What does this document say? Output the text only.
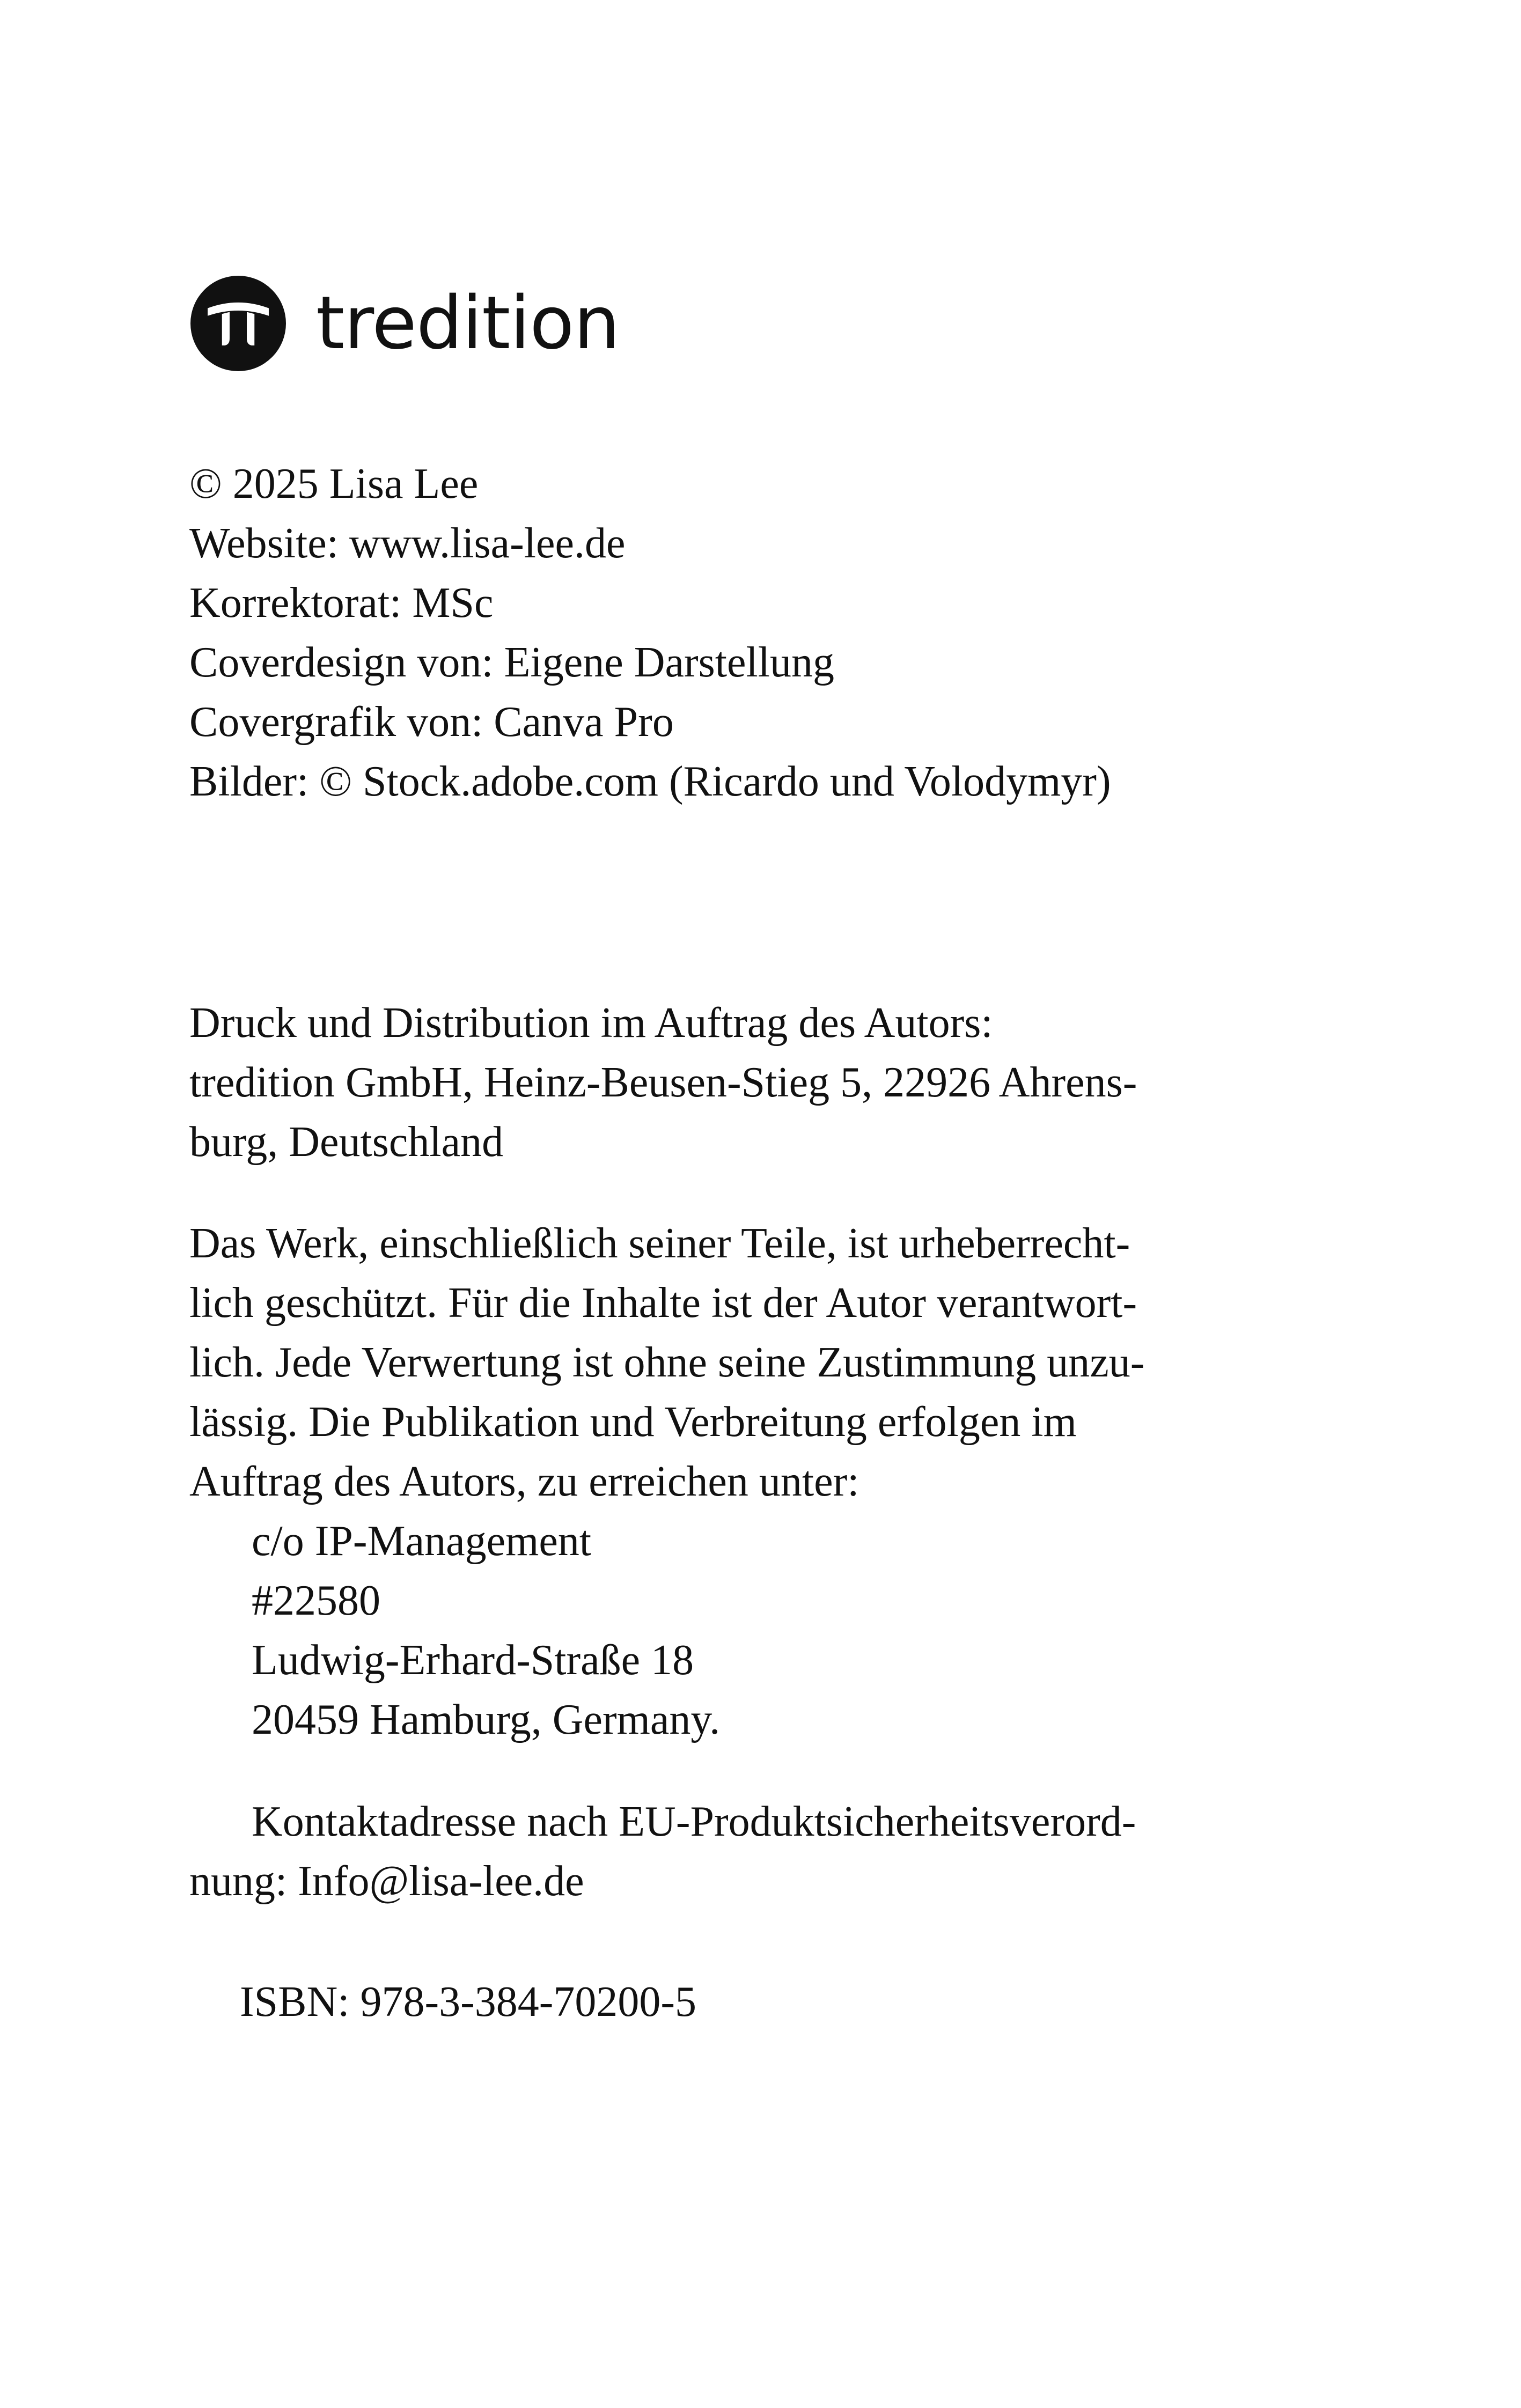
tredition

© 2025 Lisa Lee

Website: www.lisa-lee.de

Korrektorat: MSc

Coverdesign von: Eigene Darstellung

Covergrafik von: Canva Pro

Bilder: © Stock.adobe.com (Ricardo und Volodymyr)

Druck und Distribution im Auftrag des Autors:

tredition GmbH, Heinz-Beusen-Stieg 5, 22926 Ahrens-

burg, Deutschland

Das Werk, einschließlich seiner Teile, ist urheberrecht-

lich geschützt. Für die Inhalte ist der Autor verantwort-

lich. Jede Verwertung ist ohne seine Zustimmung unzu-

lässig. Die Publikation und Verbreitung erfolgen im

Auftrag des Autors, zu erreichen unter:

c/o IP-Management

#22580

Ludwig-Erhard-Straße 18

20459 Hamburg, Germany.

Kontaktadresse nach EU-Produktsicherheitsverord-

nung: Info@lisa-lee.de

ISBN: 978-3-384-70200-5
